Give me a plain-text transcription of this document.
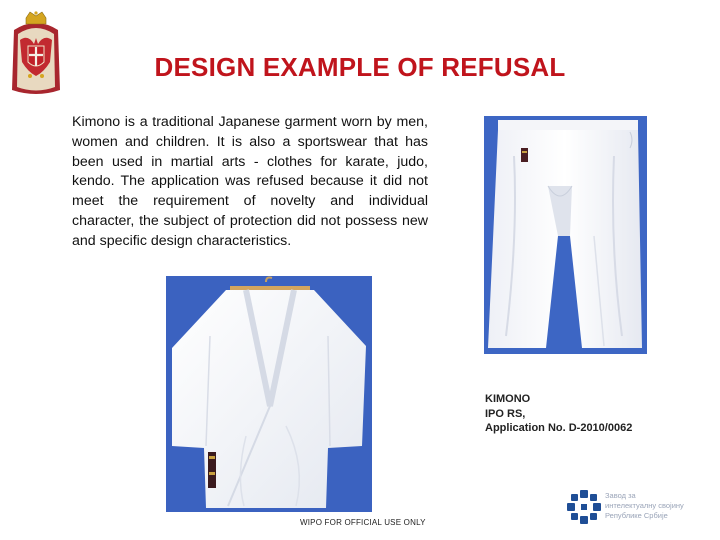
DESIGN EXAMPLE OF REFUSAL
Kimono is a traditional Japanese garment worn by men, women and children. It is also a sportswear that has been used in martial arts - clothes for karate, judo, kendo. The application was refused because it did not meet the requirement of novelty and individual character, the subject of protection did not possess new and specific design characteristics.
KIMONO
IPO RS,
Application No. D-2010/0062
WIPO FOR OFFICIAL USE ONLY
Завод за
интелектуалну својину
Републике Србије
